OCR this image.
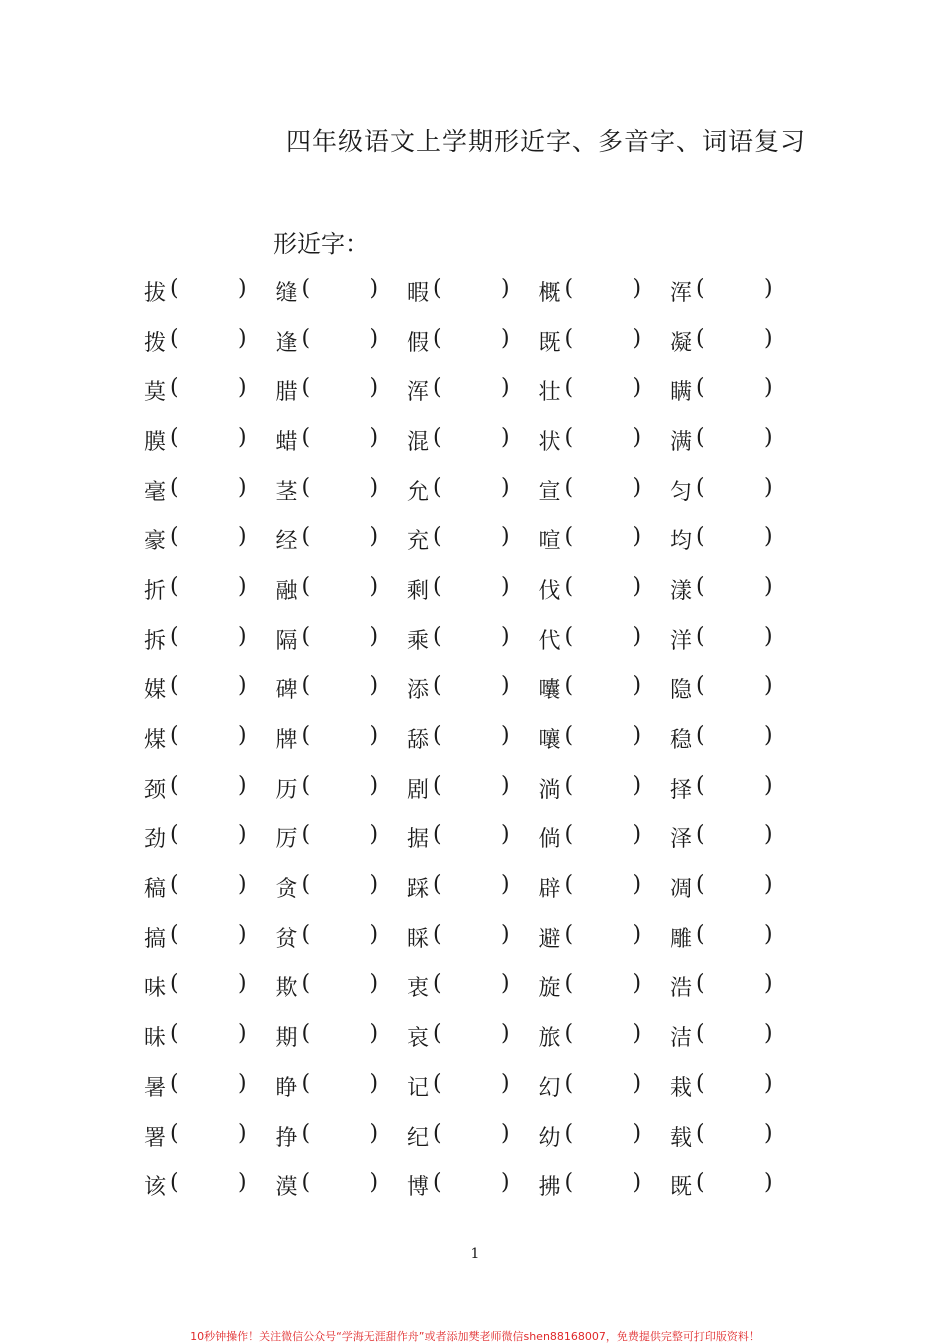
四年级语文上学期形近字、多音字、词语复习
形近字：
拔 (	) 缝 (	) 暇 (	) 概 (	) 浑 (	)
拨 (	) 逢 (	) 假 (	) 既 (	) 凝 (	)
莫 (	) 腊 (	) 浑 (	) 壮 (	) 瞒 (	)
膜 (	) 蜡 (	) 混 (	) 状 (	) 满 (	)
毫 (	) 茎 (	) 允 (	) 宣 (	) 匀 (	)
豪 (	) 经 (	) 充 (	) 喧 (	) 均 (	)
折 (	) 融 (	) 剩 (	) 伐 (	) 漾 (	)
拆 (	) 隔 (	) 乘 (	) 代 (	) 洋 (	)
媒 (	) 碑 (	) 添 (	) 囔 (	) 隐 (	)
煤 (	) 牌 (	) 舔 (	) 嚷 (	) 稳 (	)
颈 (	) 历 (	) 剧 (	) 淌 (	) 择 (	)
劲 (	) 厉 (	) 据 (	) 倘 (	) 泽 (	)
稿 (	) 贪 (	) 踩 (	) 辟 (	) 凋 (	)
搞 (	) 贫 (	) 睬 (	) 避 (	) 雕 (	)
味 (	) 欺 (	) 衷 (	) 旋 (	) 浩 (	)
昧 (	) 期 (	) 哀 (	) 旅 (	) 洁 (	)
暑 (	) 睁 (	) 记 (	) 幻 (	) 栽 (	)
署 (	) 挣 (	) 纪 (	) 幼 (	) 载 (	)
该 (	) 漠 (	) 博 (	) 拂 (	) 既 (	)
1
10秒钟操作！关注微信公众号“学海无涯甜作舟”或者添加樊老师微信shen88168007，免费提供完整可打印版资料！
